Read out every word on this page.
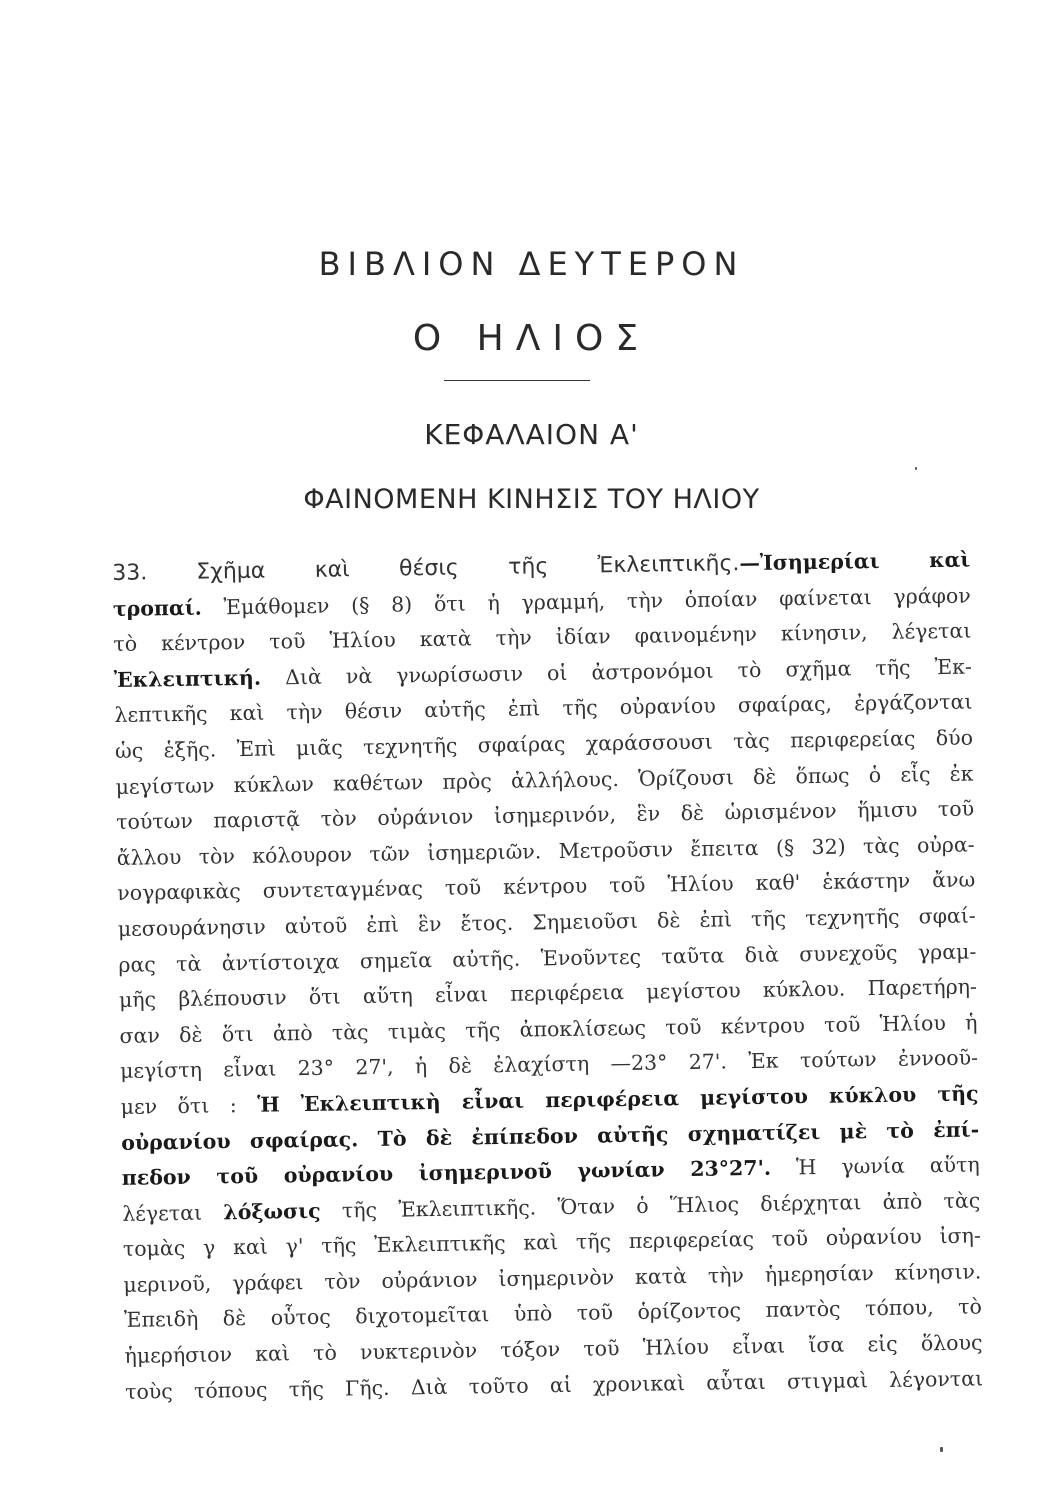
ΒΙΒΛΙΟΝ ΔΕΥΤΕΡΟΝ
Ο ΗΛΙΟΣ
ΚΕΦΑΛΑΙΟΝ Α'
ΦΑΙΝΟΜΕΝΗ ΚΙΝΗΣΙΣ ΤΟΥ ΗΛΙΟΥ
33. Σχῆμα καὶ θέσις τῆς Ἐκλειπτικῆς.—Ἰσημερίαι καὶ
τροπαί. Ἐμάθομεν (§ 8) ὅτι ἡ γραμμή, τὴν ὁποίαν φαίνεται γράφον
τὸ κέντρον τοῦ Ἡλίου κατὰ τὴν ἰδίαν φαινομένην κίνησιν, λέγεται
Ἐκλειπτική. Διὰ νὰ γνωρίσωσιν οἱ ἀστρονόμοι τὸ σχῆμα τῆς Ἐκ-
λεπτικῆς καὶ τὴν θέσιν αὐτῆς ἐπὶ τῆς οὐρανίου σφαίρας, ἐργάζονται
ὡς ἑξῆς. Ἐπὶ μιᾶς τεχνητῆς σφαίρας χαράσσουσι τὰς περιφερείας δύο
μεγίστων κύκλων καθέτων πρὸς ἀλλήλους. Ὁρίζουσι δὲ ὅπως ὁ εἷς ἐκ
τούτων παριστᾷ τὸν οὐράνιον ἰσημερινόν, ἓν δὲ ὡρισμένον ἥμισυ τοῦ
ἄλλου τὸν κόλουρον τῶν ἰσημεριῶν. Μετροῦσιν ἔπειτα (§ 32) τὰς οὐρα-
νογραφικὰς συντεταγμένας τοῦ κέντρου τοῦ Ἡλίου καθ' ἑκάστην ἄνω
μεσουράνησιν αὐτοῦ ἐπὶ ἓν ἔτος. Σημειοῦσι δὲ ἐπὶ τῆς τεχνητῆς σφαί-
ρας τὰ ἀντίστοιχα σημεῖα αὐτῆς. Ἑνοῦντες ταῦτα διὰ συνεχοῦς γραμ-
μῆς βλέπουσιν ὅτι αὕτη εἶναι περιφέρεια μεγίστου κύκλου. Παρετήρη-
σαν δὲ ὅτι ἀπὸ τὰς τιμὰς τῆς ἀποκλίσεως τοῦ κέντρου τοῦ Ἡλίου ἡ
μεγίστη εἶναι 23° 27', ἡ δὲ ἐλαχίστη —23° 27'. Ἐκ τούτων ἐννοοῦ-
μεν ὅτι : Ἡ Ἐκλειπτικὴ εἶναι περιφέρεια μεγίστου κύκλου τῆς
οὐρανίου σφαίρας. Τὸ δὲ ἐπίπεδον αὐτῆς σχηματίζει μὲ τὸ ἐπί-
πεδον τοῦ οὐρανίου ἰσημερινοῦ γωνίαν 23°27'. Ἡ γωνία αὕτη
λέγεται λόξωσις τῆς Ἐκλειπτικῆς. Ὅταν ὁ Ἥλιος διέρχηται ἀπὸ τὰς
τομὰς γ καὶ γ' τῆς Ἐκλειπτικῆς καὶ τῆς περιφερείας τοῦ οὐρανίου ἰση-
μερινοῦ, γράφει τὸν οὐράνιον ἰσημερινὸν κατὰ τὴν ἡμερησίαν κίνησιν.
Ἐπειδὴ δὲ οὗτος διχοτομεῖται ὑπὸ τοῦ ὁρίζοντος παντὸς τόπου, τὸ
ἡμερήσιον καὶ τὸ νυκτερινὸν τόξον τοῦ Ἡλίου εἶναι ἴσα εἰς ὅλους
τοὺς τόπους τῆς Γῆς. Διὰ τοῦτο αἱ χρονικαὶ αὗται στιγμαὶ λέγονται
